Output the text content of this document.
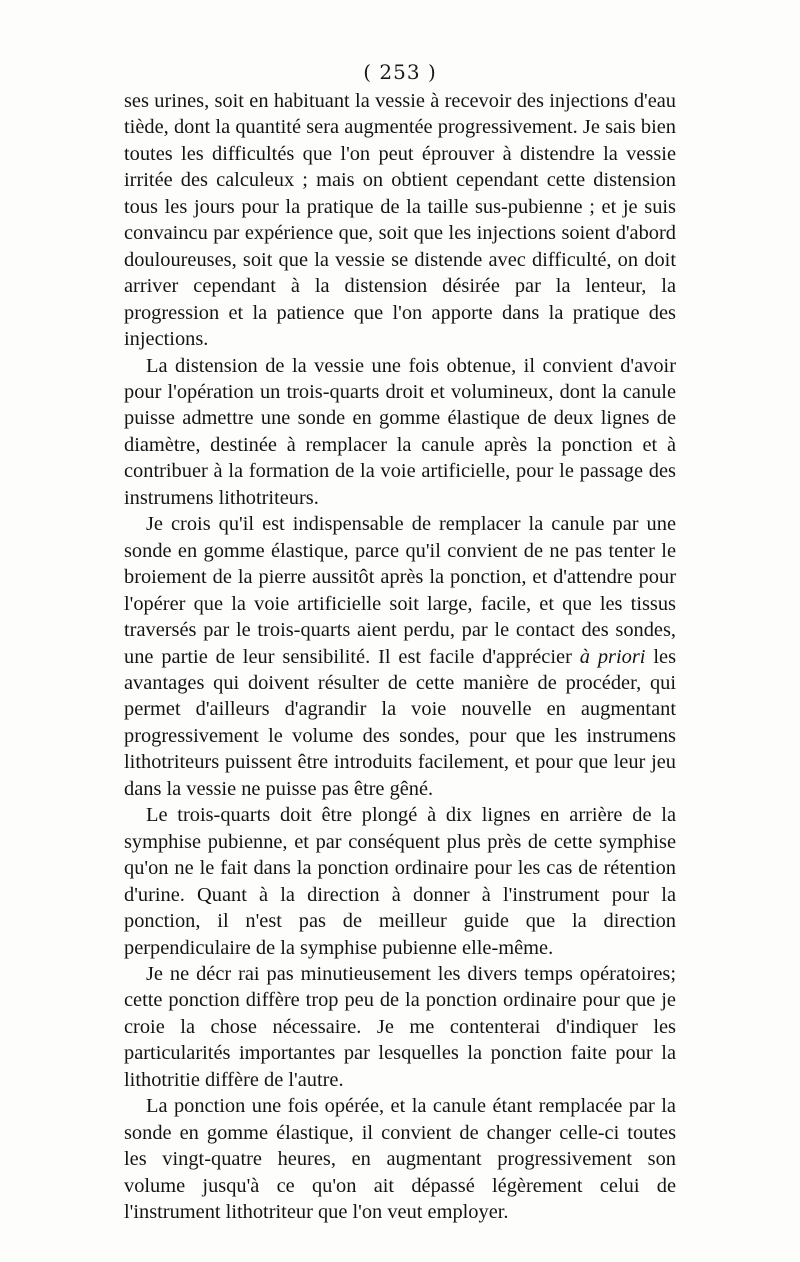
( 253 )

ses urines, soit en habituant la vessie à recevoir des injections d'eau tiède, dont la quantité sera augmentée progressivement. Je sais bien toutes les difficultés que l'on peut éprouver à distendre la vessie irritée des calculeux ; mais on obtient cependant cette distension tous les jours pour la pratique de la taille sus-pubienne ; et je suis convaincu par expérience que, soit que les injections soient d'abord douloureuses, soit que la vessie se distende avec difficulté, on doit arriver cependant à la distension désirée par la lenteur, la progression et la patience que l'on apporte dans la pratique des injections.

La distension de la vessie une fois obtenue, il convient d'avoir pour l'opération un trois-quarts droit et volumineux, dont la canule puisse admettre une sonde en gomme élastique de deux lignes de diamètre, destinée à remplacer la canule après la ponction et à contribuer à la formation de la voie artificielle, pour le passage des instrumens lithotriteurs.

Je crois qu'il est indispensable de remplacer la canule par une sonde en gomme élastique, parce qu'il convient de ne pas tenter le broiement de la pierre aussitôt après la ponction, et d'attendre pour l'opérer que la voie artificielle soit large, facile, et que les tissus traversés par le trois-quarts aient perdu, par le contact des sondes, une partie de leur sensibilité. Il est facile d'apprécier à priori les avantages qui doivent résulter de cette manière de procéder, qui permet d'ailleurs d'agrandir la voie nouvelle en augmentant progressivement le volume des sondes, pour que les instrumens lithotriteurs puissent être introduits facilement, et pour que leur jeu dans la vessie ne puisse pas être gêné.

Le trois-quarts doit être plongé à dix lignes en arrière de la symphise pubienne, et par conséquent plus près de cette symphise qu'on ne le fait dans la ponction ordinaire pour les cas de rétention d'urine. Quant à la direction à donner à l'instrument pour la ponction, il n'est pas de meilleur guide que la direction perpendiculaire de la symphise pubienne elle-même.

Je ne décr rai pas minutieusement les divers temps opératoires; cette ponction diffère trop peu de la ponction ordinaire pour que je croie la chose nécessaire. Je me contenterai d'indiquer les particularités importantes par lesquelles la ponction faite pour la lithotritie diffère de l'autre.

La ponction une fois opérée, et la canule étant remplacée par la sonde en gomme élastique, il convient de changer celle-ci toutes les vingt-quatre heures, en augmentant progressivement son volume jusqu'à ce qu'on ait dépassé légèrement celui de l'instrument lithotriteur que l'on veut employer.
